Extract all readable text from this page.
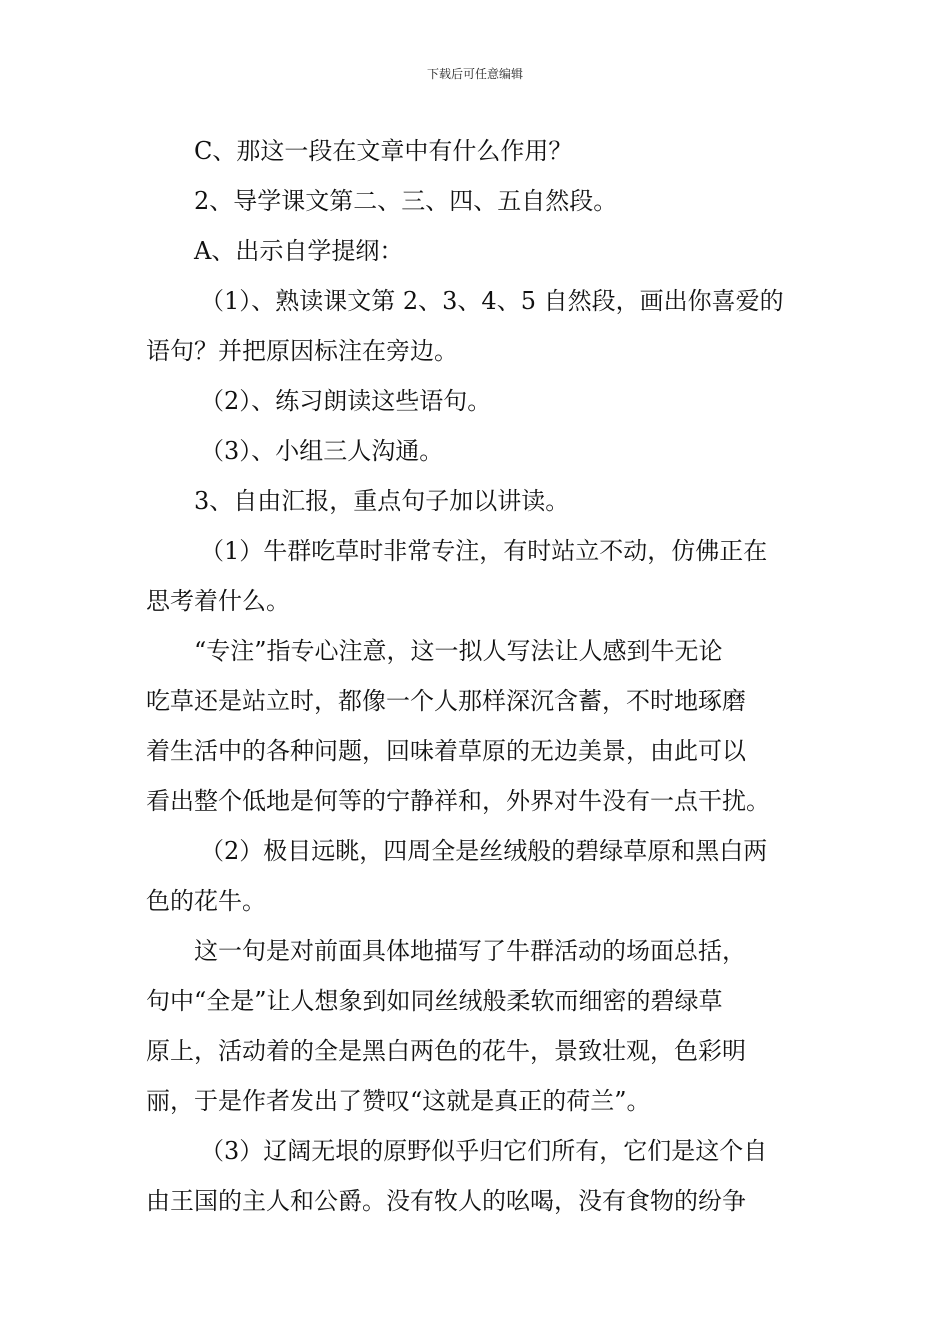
下载后可任意编辑
C、那这一段在文章中有什么作用？
2、导学课文第二、三、四、五自然段。
A、出示自学提纲：
（1）、熟读课文第 2、3、4、5 自然段，画出你喜爱的
语句？并把原因标注在旁边。
（2）、练习朗读这些语句。
（3）、小组三人沟通。
3、自由汇报，重点句子加以讲读。
（1）牛群吃草时非常专注，有时站立不动，仿佛正在
思考着什么。
“专注”指专心注意，这一拟人写法让人感到牛无论
吃草还是站立时，都像一个人那样深沉含蓄，不时地琢磨
着生活中的各种问题，回味着草原的无边美景，由此可以
看出整个低地是何等的宁静祥和，外界对牛没有一点干扰。
（2）极目远眺，四周全是丝绒般的碧绿草原和黑白两
色的花牛。
这一句是对前面具体地描写了牛群活动的场面总括，
句中“全是”让人想象到如同丝绒般柔软而细密的碧绿草
原上，活动着的全是黑白两色的花牛，景致壮观，色彩明
丽，于是作者发出了赞叹“这就是真正的荷兰”。
（3）辽阔无垠的原野似乎归它们所有，它们是这个自
由王国的主人和公爵。没有牧人的吆喝，没有食物的纷争
